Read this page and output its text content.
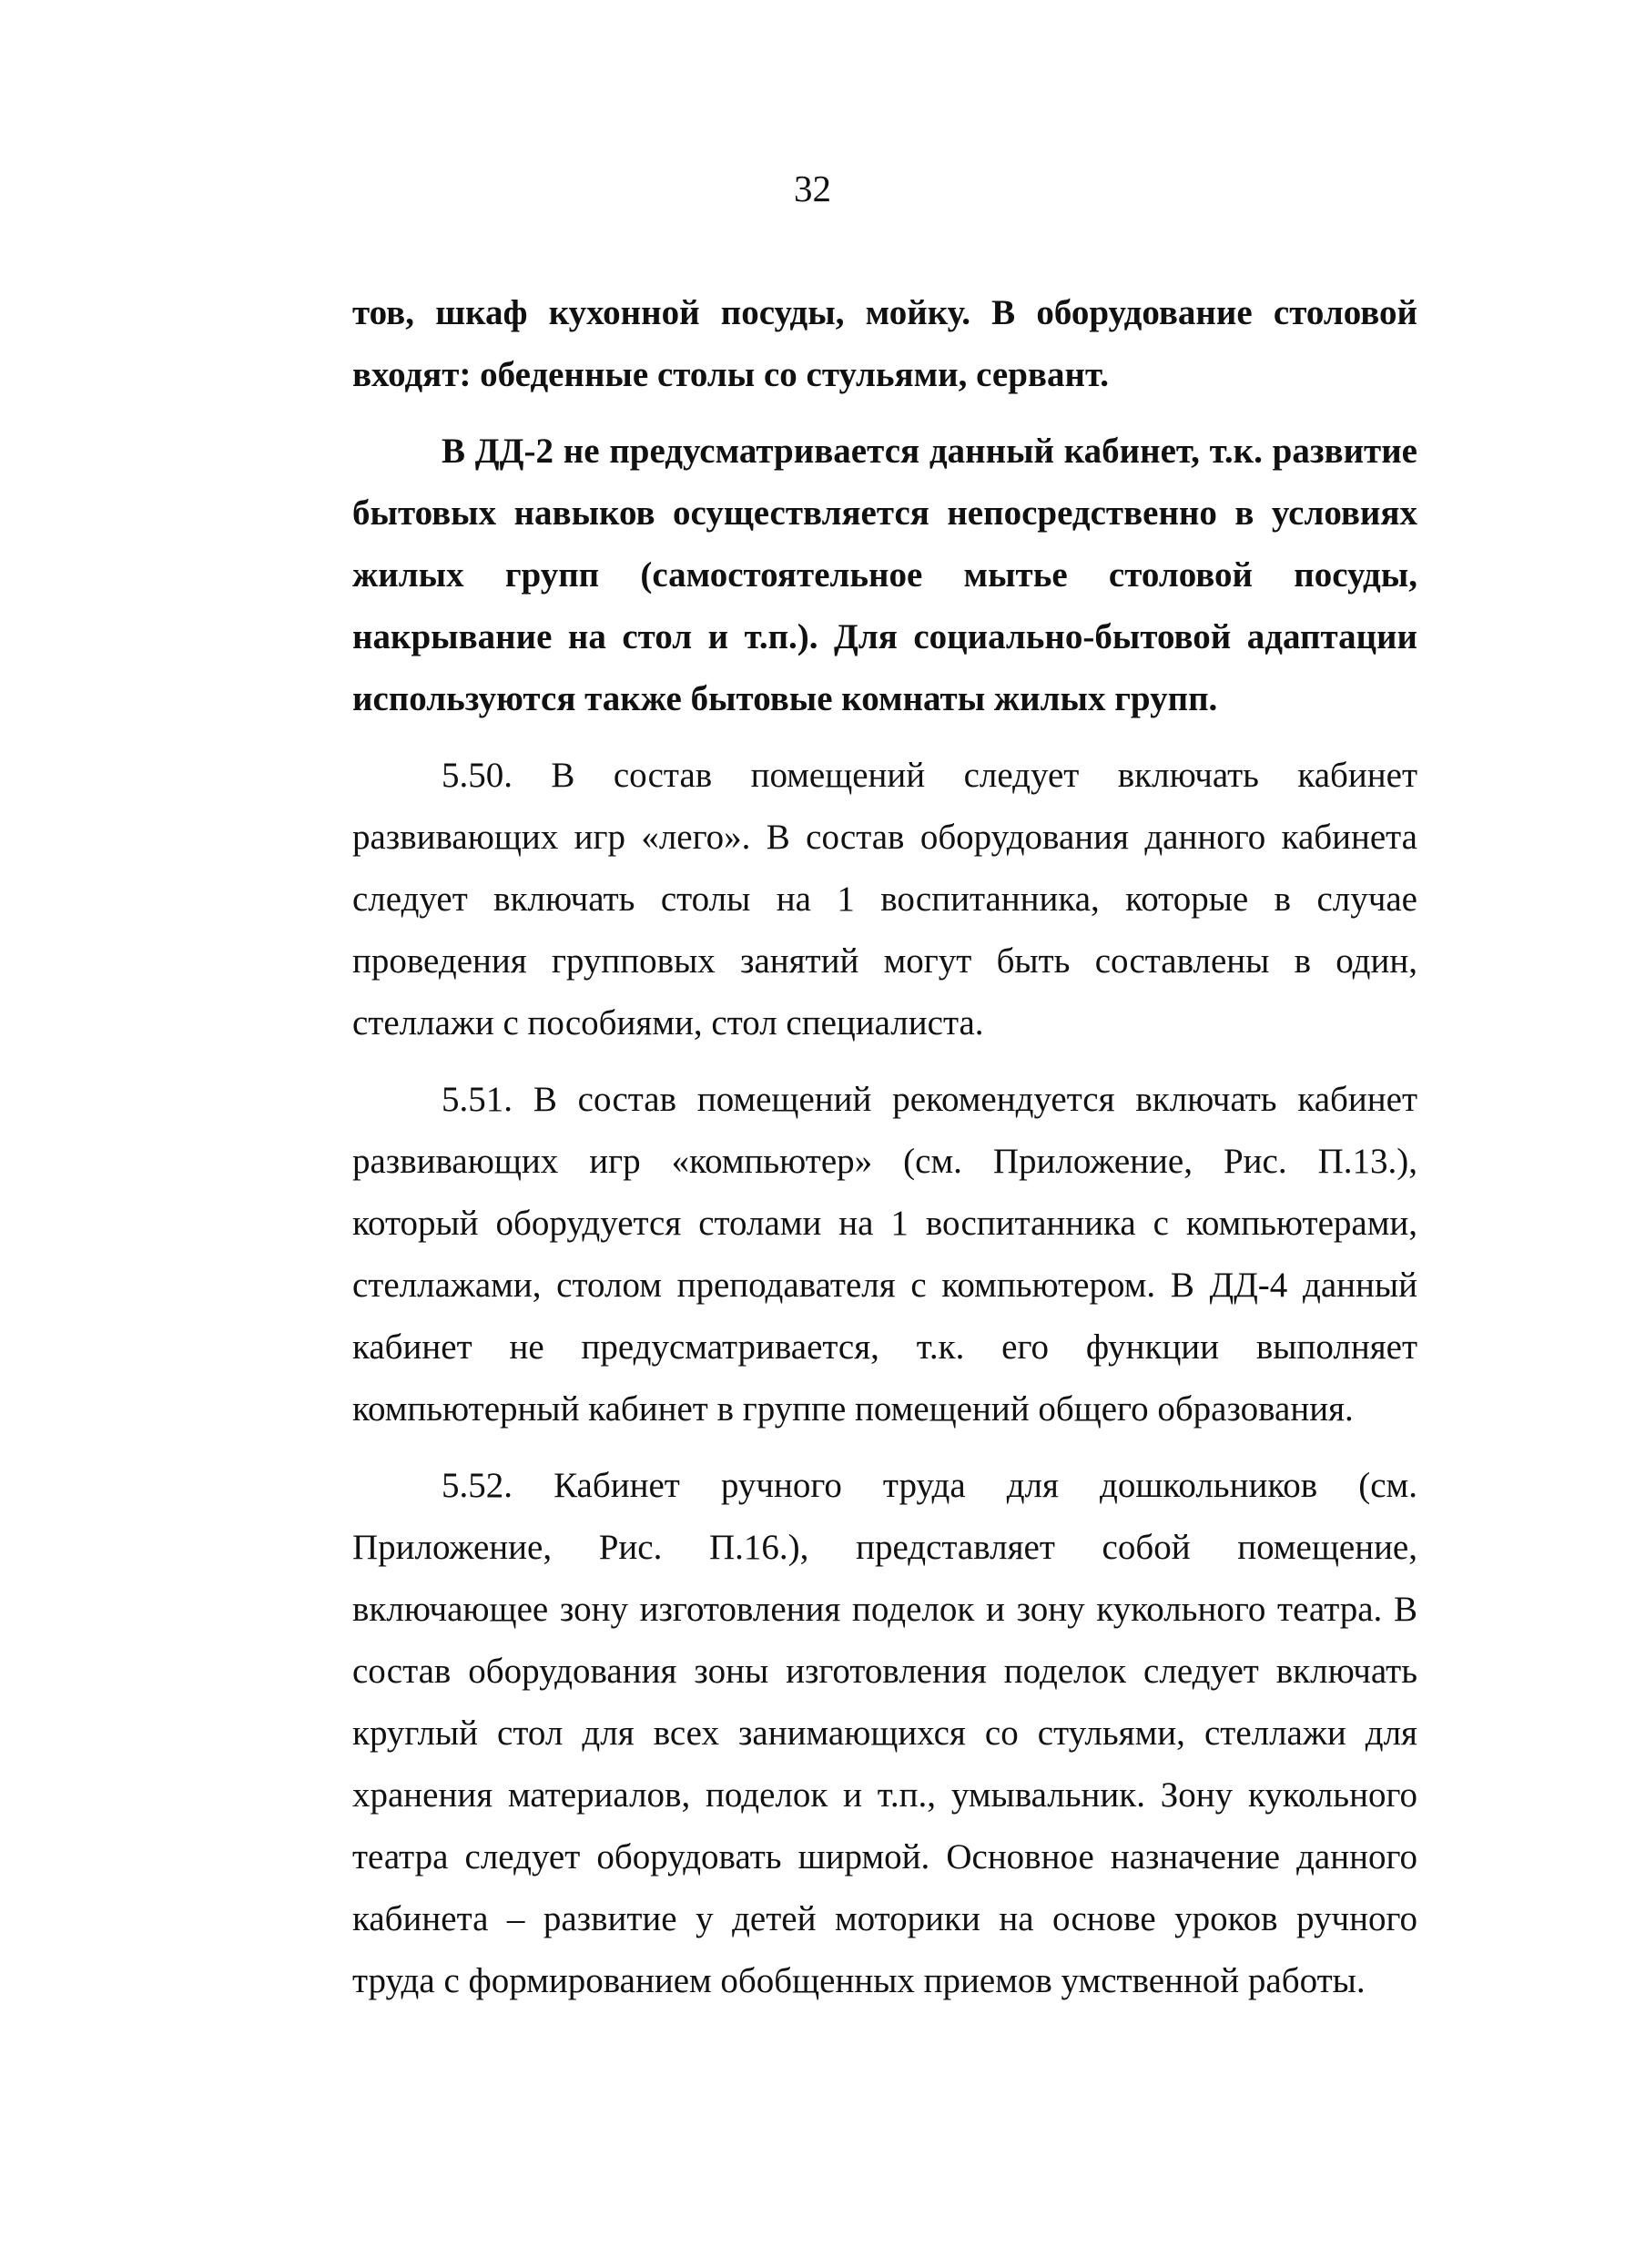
32

тов, шкаф кухонной посуды, мойку. В оборудование столовой входят: обеденные столы со стульями, сервант.

В ДД-2 не предусматривается данный кабинет, т.к. развитие бытовых навыков осуществляется непосредственно в условиях жилых групп (самостоятельное мытье столовой посуды, накрывание на стол и т.п.). Для социально-бытовой адаптации используются также бытовые комнаты жилых групп.

5.50. В состав помещений следует включать кабинет развивающих игр «лего». В состав оборудования данного кабинета следует включать столы на 1 воспитанника, которые в случае проведения групповых занятий могут быть составлены в один, стеллажи с пособиями, стол специалиста.

5.51. В состав помещений рекомендуется включать кабинет развивающих игр «компьютер» (см. Приложение, Рис. П.13.), который оборудуется столами на 1 воспитанника с компьютерами, стеллажами, столом преподавателя с компьютером. В ДД-4 данный кабинет не предусматривается, т.к. его функции выполняет компьютерный кабинет в группе помещений общего образования.

5.52. Кабинет ручного труда для дошкольников (см. Приложение, Рис. П.16.), представляет собой помещение, включающее зону изготовления поделок и зону кукольного театра. В состав оборудования зоны изготовления поделок следует включать круглый стол для всех занимающихся со стульями, стеллажи для хранения материалов, поделок и т.п., умывальник. Зону кукольного театра следует оборудовать ширмой. Основное назначение данного кабинета – развитие у детей моторики на основе уроков ручного труда с формированием обобщенных приемов умственной работы.
